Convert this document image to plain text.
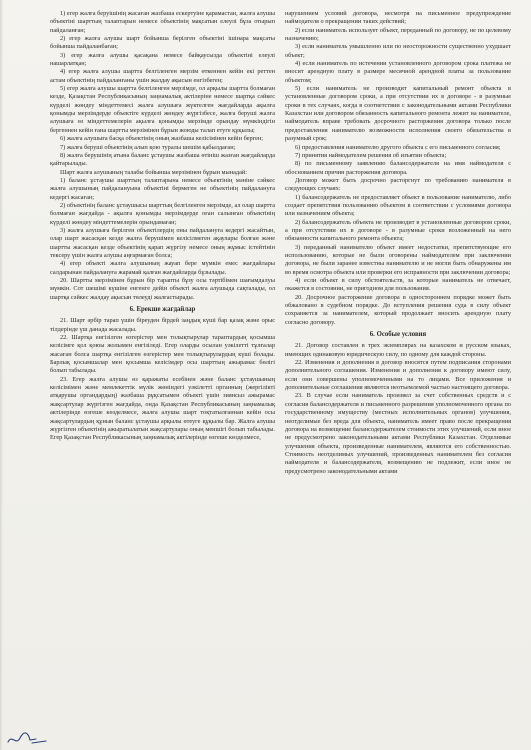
1) егер жалға беруішінің жасаған жазбаша ескертуіне қарамастан, жалға алушы объектіні шарттың талаптарын немесе объектінің мақсатын елеулі бұза отырып пайдаланған;

2) егер жалға алушы шарт бойынша берілген объектіні ішінара мақсаты бойынша пайдаланбаған;

3) егер жалға алушы қасақана немесе байқаусызда объектіні елеулі нашарлатқан;

4) егер жалға алушы шартта белгіленген мерзім өткеннен кейін екі реттен астам объектінің пайдаланғаны үшін жалдау ақысын енгізбеген;

5) егер жалға алушы шартта белгіленген мерзімде, ол арқылы шартта болмаған кезде, Қазақстан Республикасының заңнамалық актілеріне немесе шартқа сәйкес күрделі жөндеу міндеттемесі жалға алушыға жүктелген жағдайларда ақылға қонымды мерзімдерде объектіге күрделі жөндеу жүргізбесе, жалға беруші жалға алушыға өз міндеттемелерін ақылға қонымды мерзімде орындау мүмкіндігін бергеннен кейін ғана шартты мерзімінен бұрын жоюды талап етуге құқылы;

6) жалға алушыға басқа объектінің оның жазбаша келісімінен кейін берген;

7) жалға беруші объектінің алып қою туралы шешім қабылдаған;

8) жалға берушінің атына баланс ұстаушы жазбаша өтініш жазған жағдайларда қайтарылады.

Шарт жалға алушының талабы бойынша мерзімінен бұрын мынадай:

1) баланс ұстаушы шарттың талаптарына немесе объектінің мәніне сәйкес жалға алушының пайдалануына объектіні бермеген не объектінің пайдалануға кедергі жасаған;

2) объектінің баланс ұстаушысы шарттың белгіленген мерзімде, ал олар шартта болмаған жағдайда - ақылға қонымды мерзімдерде оған салынған объектінің күрделі жөндеу міндеттемелерін орындамаған;

3) жалға алушыға берілген объектілердің оны пайдалануға кедергі жасайтын, олар шарт жасасқан кезде жалға берушімен келісілмеген ақаулары болған және шартты жасасқан кезде объектінің қарап жүргізу немесе оның жұмыс істейтінін тексеру үшін жалға алушы аңғармаған болса;

4) егер объекті жалға алушының жауап бере мүмкін емес жағдайлары салдарынан пайдалануға жарамай қалған жағдайларда бұзылады.

20. Шартты мерзімінен бұрын бір тарапты бұзу осы тәртібімен шағымдалуы мүмкін. Сот шешімі күшіне енгенге дейін объекті жалға алушыда сақталады, ол шартқа сәйкес жалдау ақысын төлеуді жалғастырады.

6. Ерекше жағдайлар

21. Шарт әрбір тарап үшін біреуден бірдей заңдық күші бар қазақ және орыс тілдерінде үш данада жасалады.

22. Шартқа енгізілген өзгерістер мен толықтырулар тараптардың қосымша келісімге қол қоюы жолымен енгізіледі. Егер оларды осылан уәкілетті тұлғалар жасаған болса шартқа енгізілген өзгерістер мен толықтырулардың күші болады. Барлық қосымшалар мен қосымша келісімдер осы шарттың ажырамас бөлігі болып табылады.

23. Егер жалға алушы өз қаражаты есебінен және баланс ұстаушының келісімімен және мемлекеттік мүлік жөніндегі уәкілетті органның (жергілікті атқарушы органдардың) жазбаша рұқсатымен объекті үшін зиянсыз ажырамас жақсартулар жүргізген жағдайда, онда Қазақстан Республикасының заңнамалық актілерінде өзгеше көзделмесе, жалға алушы шарт тоқтатылғаннан кейін осы жақсартулардың құнын баланс ұстаушы арқылы өтеуге құқылы бар. Жалға алушы жүргізген объектінің ажыратылатын жақсартулары оның меншігі болып табылады. Егер Қазақстан Республикасының заңнамалық актілерінде өзгеше көзделмесе,

нарушением условий договора, несмотря на письменное предупреждение наймодателя о прекращении таких действий;

2) если наниматель использует объект, переданный по договору, не по целевому назначению;

3) если наниматель умышленно или по неосторожности существенно ухудшает объект;

4) если наниматель по истечении установленного договором срока платежа не вносит арендную плату в размере месячной арендной платы за пользование объектом;

5) если наниматель не производит капитальный ремонт объекта в установленные договором сроки, а при отсутствии их в договоре - в разумные сроки в тех случаях, когда в соответствии с законодательными актами Республики Казахстан или договором обязанность капитального ремонта лежит на нанимателе, наймодатель вправе требовать досрочного расторжения договора только после предоставления нанимателю возможности исполнения своего обязательства в разумный срок;

6) предоставления нанимателю другого объекта с его письменного согласия;

7) принятия наймодателем решения об изъятии объекта;

8) по письменному заявлению балансодержателя на имя наймодателя с обоснованием причин расторжения договора.

Договор может быть досрочно расторгнут по требованию нанимателя в следующих случаях:

1) балансодержатель не предоставляет объект в пользование нанимателю, либо создает препятствия пользованию объектом в соответствии с условиями договора или назначением объекта;

2) балансодержатель объекта не производит в установленные договором сроки, а при отсутствии их в договоре - в разумные сроки возложенный на него обязанности капитального ремонта объекта;

3) переданный нанимателю объект имеет недостатки, препятствующие его использованию, которые не были оговорены наймодателем при заключении договора, не были заранее известны нанимателю и не могли быть обнаружены им во время осмотра объекта или проверки его исправности при заключении договора;

4) если объект в силу обстоятельств, за которые наниматель не отвечает, окажется в состоянии, не пригодном для пользования.

20. Досрочное расторжение договора в одностороннем порядке может быть обжаловано в судебном порядке. До вступления решения суда в силу объект сохраняется за нанимателем, который продолжает вносить арендную плату согласно договору.

6. Особые условия

21. Договор составлен в трех экземплярах на казахском и русском языках, имеющих одинаковую юридическую силу, по одному для каждой стороны.

22. Изменения и дополнения в договор вносятся путем подписания сторонами дополнительного соглашения. Изменения и дополнения к договору имеют силу, если они совершены уполномоченными на то лицами. Все приложения и дополнительные соглашения являются неотъемлемой частью настоящего договора.

23. В случае если наниматель произвел за счет собственных средств и с согласия балансодержателя и письменного разрешения уполномоченного органа по государственному имуществу (местных исполнительных органов) улучшения, неотделимые без вреда для объекта, наниматель имеет право после прекращения договора на возмещение балансодержателем стоимости этих улучшений, если иное не предусмотрено законодательными актами Республики Казахстан. Отделимые улучшения объекта, произведенные нанимателем, являются его собственностью. Стоимость неотделимых улучшений, произведенных нанимателем без согласия наймодателя и балансодержателя, возмещению не подлежит, если иное не предусмотрено законодательными актами
